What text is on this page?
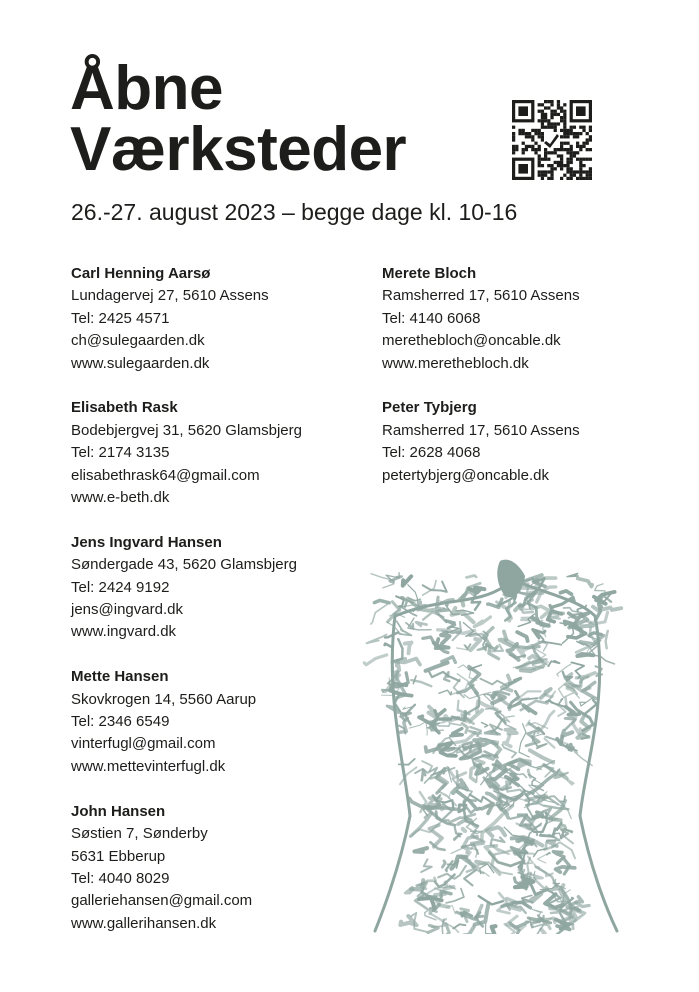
Åbne
Værksteder
26.-27. august 2023 – begge dage kl. 10-16
Carl Henning Aarsø
Lundagervej 27, 5610 Assens
Tel: 2425 4571
ch@sulegaarden.dk
www.sulegaarden.dk
Elisabeth Rask
Bodebjergvej 31, 5620 Glamsbjerg
Tel: 2174 3135
elisabethrask64@gmail.com
www.e-beth.dk
Jens Ingvard Hansen
Søndergade 43, 5620 Glamsbjerg
Tel: 2424 9192
jens@ingvard.dk
www.ingvard.dk
Mette Hansen
Skovkrogen 14, 5560 Aarup
Tel: 2346 6549
vinterfugl@gmail.com
www.mettevinterfugl.dk
John Hansen
Søstien 7, Sønderby
5631 Ebberup
Tel: 4040 8029
galleriehansen@gmail.com
www.gallerihansen.dk
Merete Bloch
Ramsherred 17, 5610 Assens
Tel: 4140 6068
merethebloch@oncable.dk
www.merethebloch.dk
Peter Tybjerg
Ramsherred 17, 5610 Assens
Tel: 2628 4068
petertybjerg@oncable.dk
